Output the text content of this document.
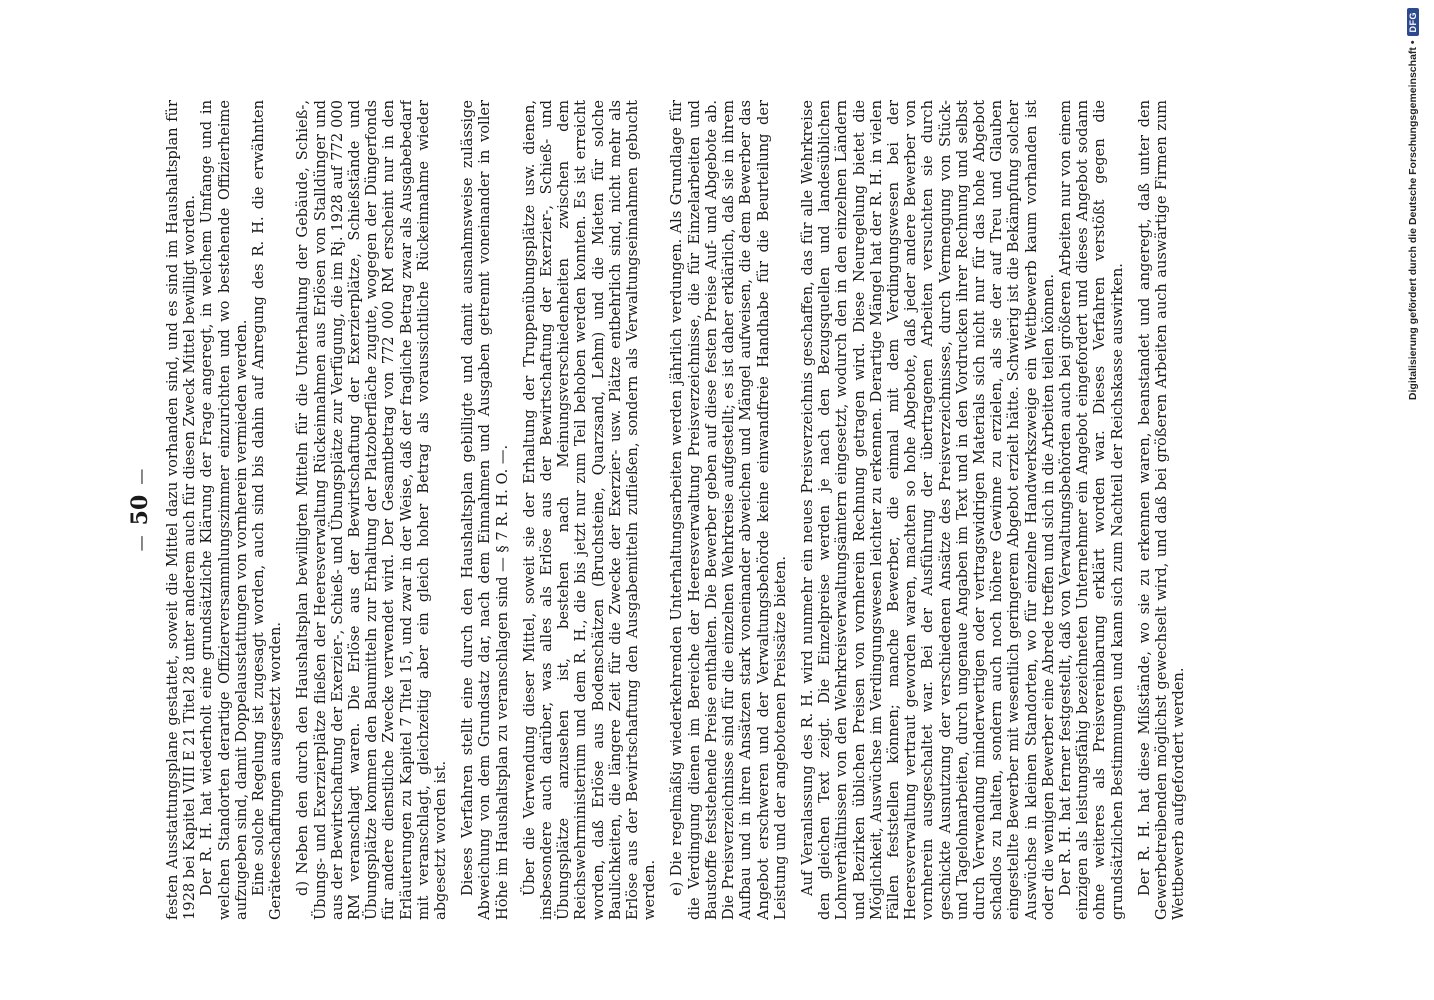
—
50
— festen Ausstattungsplane gestattet, soweit die Mittel dazu vorhanden sind, und es sind im Haushaltsplan für 1928 bei Kapitel VIII E 21 Titel 28 unter anderem auch für diesen Zweck Mittel bewilligt worden. Der R. H. hat wiederholt eine grundsätzliche Klärung der Frage angeregt, in welchem Umfange und in welchen Standorten derartige Offizierversammlungszimmer einzurichten und wo bestehende Offizierheime aufzugeben sind, damit Doppelausstattungen von vornherein vermieden werden. Eine solche Regelung ist zugesagt worden, auch sind bis dahin auf Anregung des R. H. die erwähnten Geräteeschaffungen ausgesetzt worden. d) Neben den durch den Haushaltsplan bewilligten Mitteln für die Unterhaltung der Gebäude, Schieß-, Übungs- und Exerzierplätze fließen der Heeresverwaltung Rückeinnahmen aus Erlösen von Stalldünger und aus der Bewirtschaftung der Exerzier-, Schieß- und Übungsplätze zur Verfügung, die im Rj. 1928 auf 772 000 RM veranschlagt waren. Die Erlöse aus der Bewirtschaftung der Exerzierplätze, Schießstände und Übungsplätze kommen den Baumitteln zur Erhaltung der Platzoberfläche zugute, wogegen der Düngerfonds für andere dienstliche Zwecke verwendet wird. Der Gesamtbetrag von 772 000 RM erscheint nur in den Erläuterungen zu Kapitel 7 Titel 15, und zwar in der Weise, daß der fragliche Betrag zwar als Ausgabebedarf mit veranschlagt, gleichzeitig aber ein gleich hoher Betrag als voraussichtliche Rückeinnahme wieder abgesetzt worden ist. Dieses Verfahren stellt eine durch den Haushaltsplan gebilligte und damit ausnahmsweise zulässige Abweichung von dem Grundsatz dar, nach dem Einnahmen und Ausgaben getrennt voneinander in voller Höhe im Haushaltsplan zu veranschlagen sind — § 7 R. H. O. —. Über die Verwendung dieser Mittel, soweit sie der Erhaltung der Truppenübungsplätze usw. dienen, insbesondere auch darüber, was alles als Erlöse aus der Bewirtschaftung der Exerzier-, Schieß- und Übungsplätze anzusehen ist, bestehen nach Meinungsverschiedenheiten zwischen dem Reichswehrministerium und dem R. H., die bis jetzt nur zum Teil behoben werden konnten. Es ist erreicht worden, daß Erlöse aus Bodenschätzen (Bruchsteine, Quarzsand, Lehm) und die Mieten für solche Baulichkeiten, die längere Zeit für die Zwecke der Exerzier- usw. Plätze entbehrlich sind, nicht mehr als Erlöse aus der Bewirtschaftung den Ausgabemitteln zufließen, sondern als Verwaltungseinnahmen gebucht werden. e) Die regelmäßig wiederkehrenden Unterhaltungsarbeiten werden jährlich verdungen. Als Grundlage für die Verdingung dienen im Bereiche der Heeresverwaltung Preisverzeichnisse, die für Einzelarbeiten und Baustoffe feststehende Preise enthalten. Die Bewerber geben auf diese festen Preise Auf- und Abgebote ab. Die Preisverzeichnisse sind für die einzelnen Wehrkreise aufgestellt; es ist daher erklärlich, daß sie in ihrem Aufbau und in ihren Ansätzen stark voneinander abweichen und Mängel aufweisen, die dem Bewerber das Angebot erschweren und der Verwaltungsbehörde keine einwandfreie Handhabe für die Beurteilung der Leistung und der angebotenen Preissätze bieten. Auf Veranlassung des R. H. wird nunmehr ein neues Preisverzeichnis geschaffen, das für alle Wehrkreise den gleichen Text zeigt. Die Einzelpreise werden je nach den Bezugsquellen und landesüblichen Lohnverhältnissen von den Wehrkreisverwaltungsämtern eingesetzt, wodurch den in den einzelnen Ländern und Bezirken üblichen Preisen von vornherein Rechnung getragen wird. Diese Neuregelung bietet die Möglichkeit, Auswüchse im Verdingungswesen leichter zu erkennen. Derartige Mängel hat der R. H. in vielen Fällen feststellen können; manche Bewerber, die einmal mit dem Verdingungswesen bei der Heeresverwaltung vertraut geworden waren, machten so hohe Abgebote, daß jeder andere Bewerber von vornherein ausgeschaltet war. Bei der Ausführung der übertragenen Arbeiten versuchten sie durch geschickte Ausnutzung der verschiedenen Ansätze des Preisverzeichnisses, durch Vermengung von Stück- und Tagelohnarbeiten, durch ungenaue Angaben im Text und in den Vordrucken ihrer Rechnung und selbst durch Verwendung minderwertigen oder vertragswidrigen Materials sich nicht nur für das hohe Abgebot schadlos zu halten, sondern auch noch höhere Gewinne zu erzielen, als sie der auf Treu und Glauben eingestellte Bewerber mit wesentlich geringerem Abgebot erzielt hätte. Schwierig ist die Bekämpfung solcher Auswüchse in kleinen Standorten, wo für einzelne Handwerkszweige ein Wettbewerb kaum vorhanden ist oder die wenigen Bewerber eine Abrede treffen und sich in die Arbeiten teilen können. Der R. H. hat ferner festgestellt, daß von Verwaltungsbehörden auch bei größeren Arbeiten nur von einem einzigen als leistungsfähig bezeichneten Unternehmer ein Angebot eingefordert und dieses Angebot sodann ohne weiteres als Preisvereinbarung erklärt worden war. Dieses Verfahren verstößt gegen die grundsätzlichen Bestimmungen und kann sich zum Nachteil der Reichskasse auswirken. Der R. H. hat diese Mißstände, wo sie zu erkennen waren, beanstandet und angeregt, daß unter den Gewerbetreibenden möglichst gewechselt wird, und daß bei größeren Arbeiten auch auswärtige Firmen zum Wettbewerb aufgefordert werden.

Digitalisierung gefördert durch die Deutsche Forschungsgemeinschaft •
DFG
